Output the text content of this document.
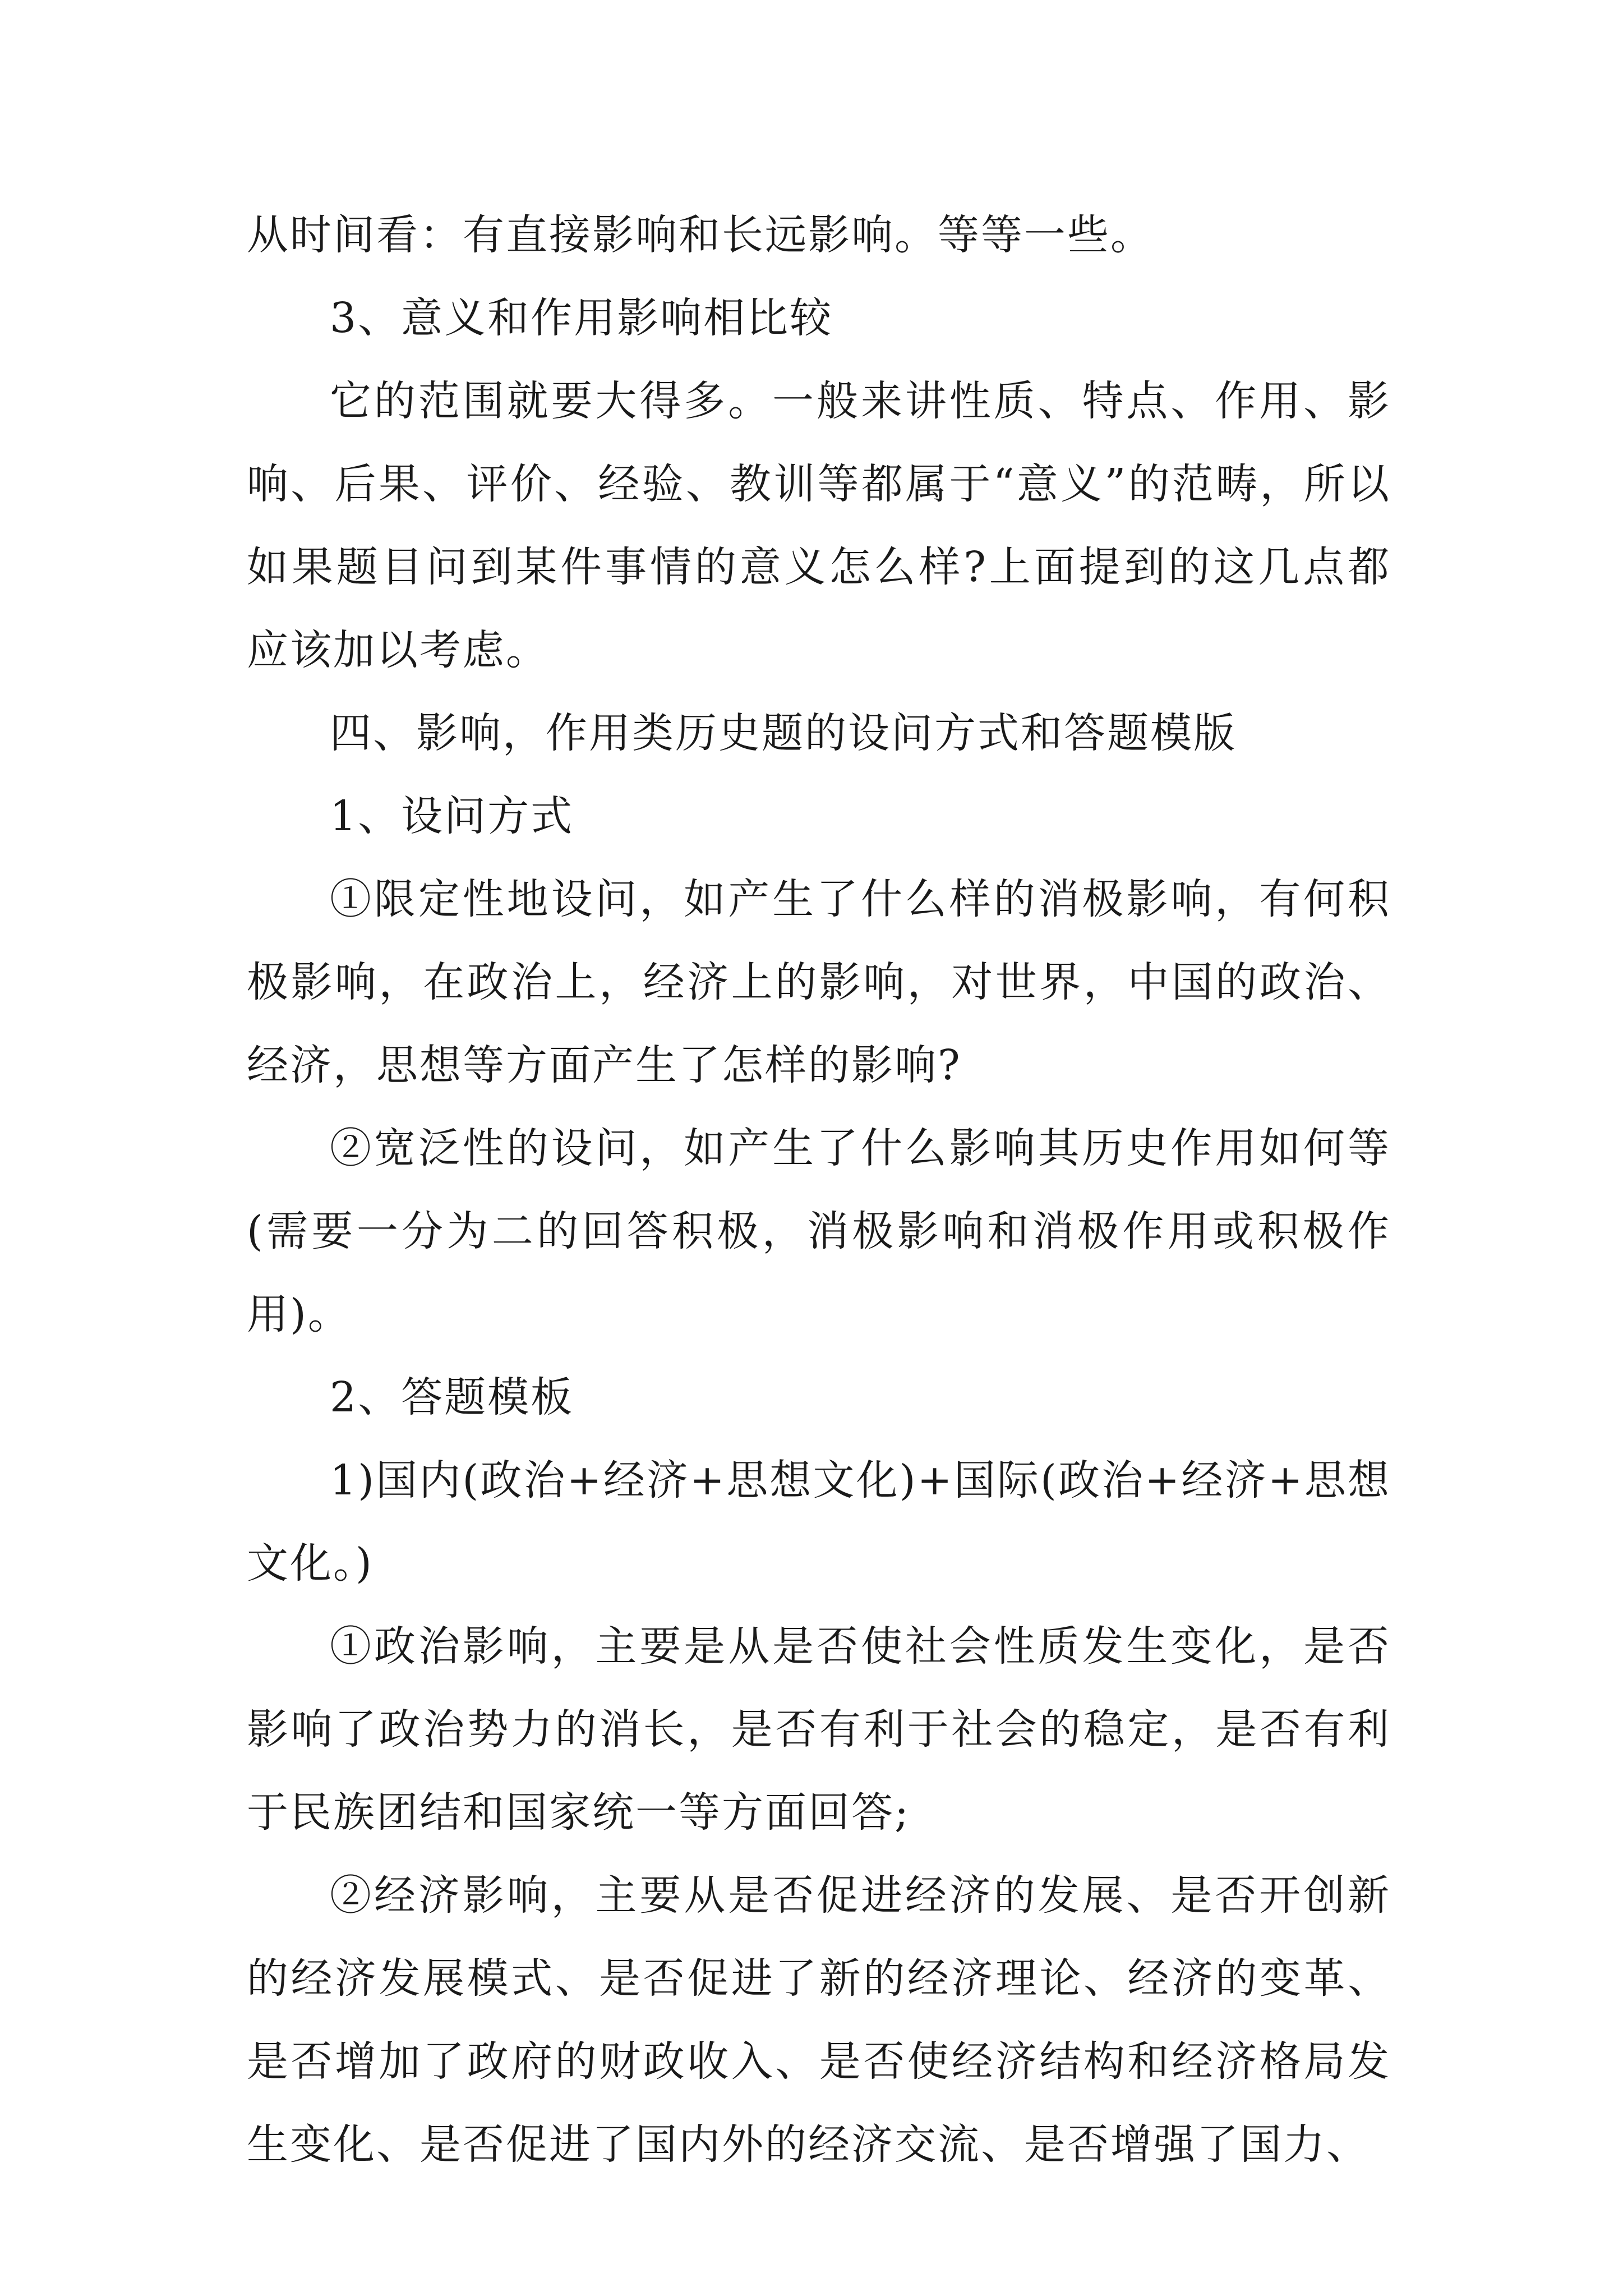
从时间看：有直接影响和长远影响。等等一些。

3、意义和作用影响相比较

它的范围就要大得多。一般来讲性质、特点、作用、影响、后果、评价、经验、教训等都属于“意义”的范畴，所以如果题目问到某件事情的意义怎么样?上面提到的这几点都应该加以考虑。

四、影响，作用类历史题的设问方式和答题模版

1、设问方式

①限定性地设问，如产生了什么样的消极影响，有何积极影响，在政治上，经济上的影响，对世界，中国的政治、经济，思想等方面产生了怎样的影响?

②宽泛性的设问，如产生了什么影响其历史作用如何等(需要一分为二的回答积极，消极影响和消极作用或积极作用)。

2、答题模板

1)国内(政治+经济+思想文化)+国际(政治+经济+思想文化。)

①政治影响，主要是从是否使社会性质发生变化，是否影响了政治势力的消长，是否有利于社会的稳定，是否有利于民族团结和国家统一等方面回答;

②经济影响，主要从是否促进经济的发展、是否开创新的经济发展模式、是否促进了新的经济理论、经济的变革、是否增加了政府的财政收入、是否使经济结构和经济格局发生变化、是否促进了国内外的经济交流、是否增强了国力、
